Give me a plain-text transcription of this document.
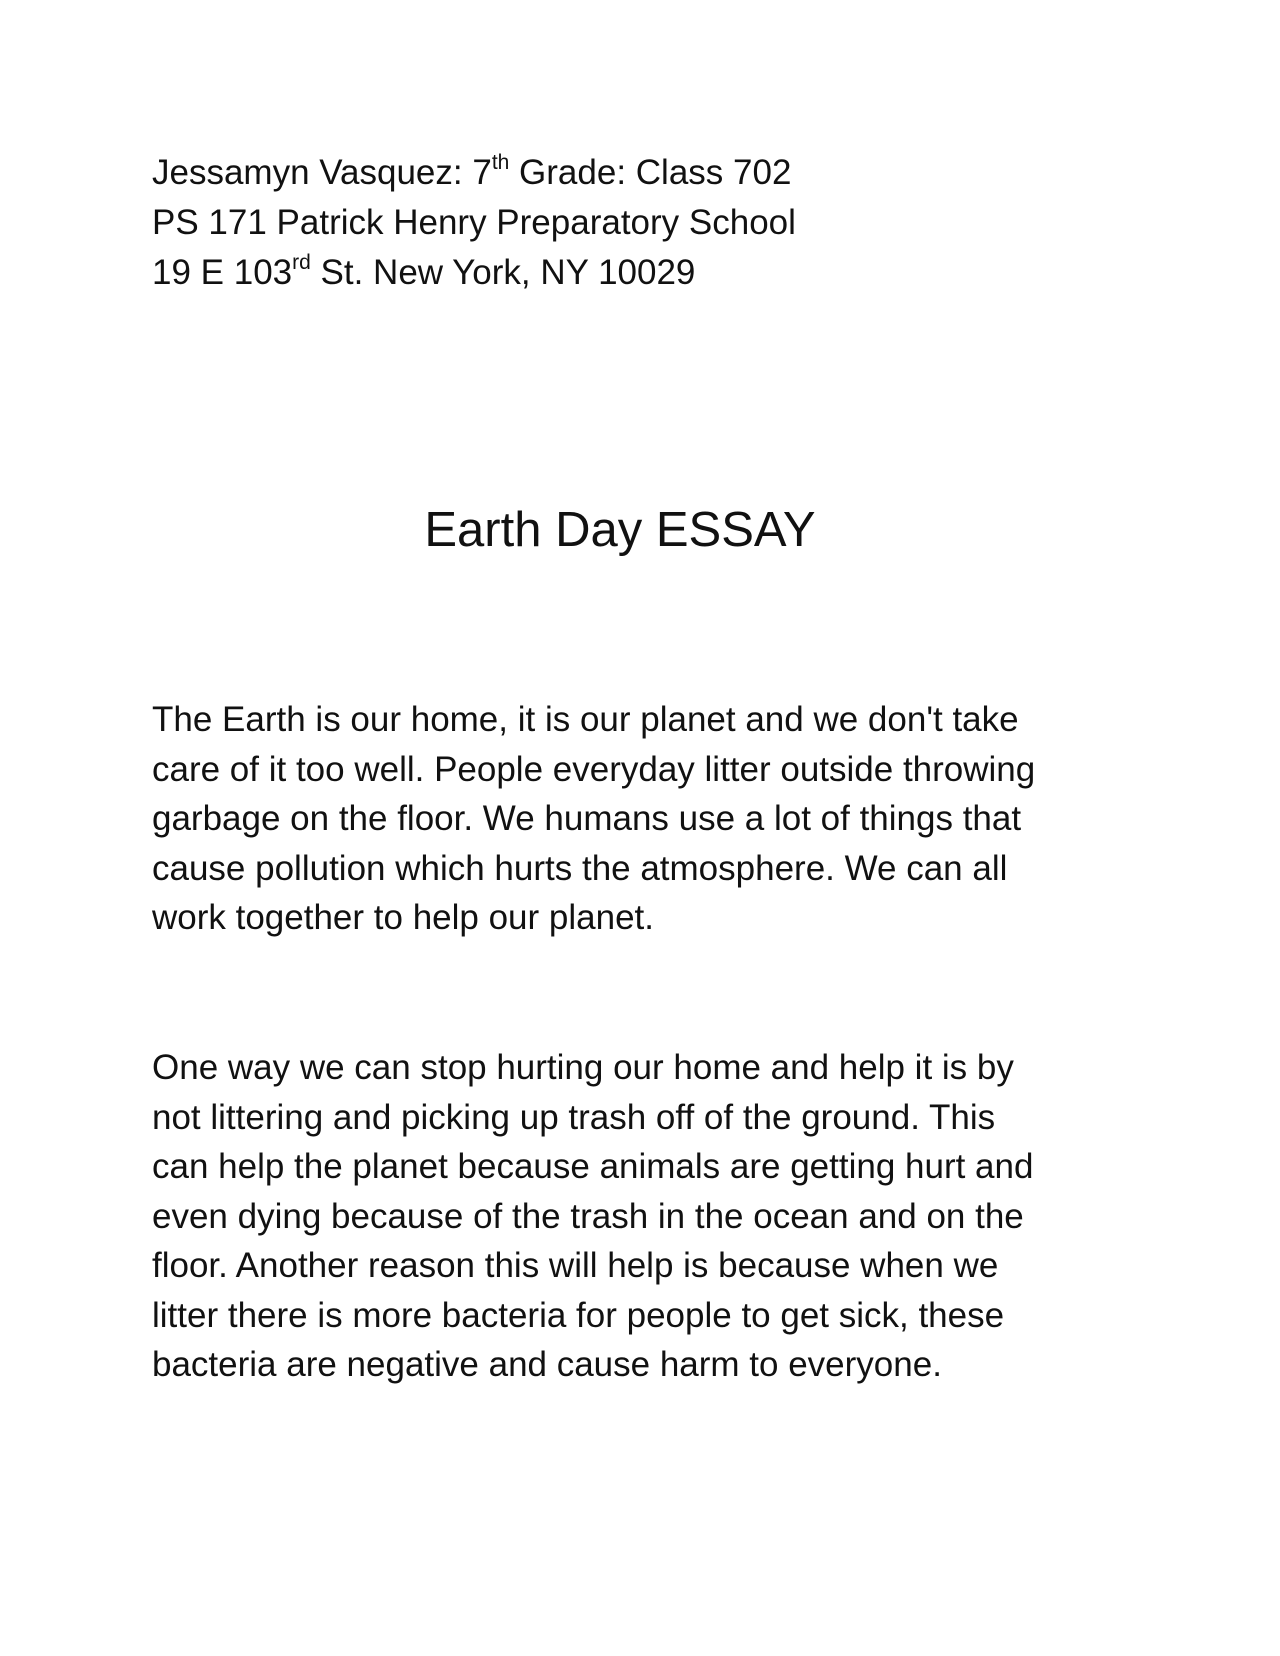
Jessamyn Vasquez: 7th Grade: Class 702
PS 171 Patrick Henry Preparatory School
19 E 103rd St. New York, NY 10029
Earth Day ESSAY

The Earth is our home, it is our planet and we don't take
care of it too well. People everyday litter outside throwing
garbage on the floor. We humans use a lot of things that
cause pollution which hurts the atmosphere. We can all
work together to help our planet.

One way we can stop hurting our home and help it is by
not littering and picking up trash off of the ground. This
can help the planet because animals are getting hurt and
even dying because of the trash in the ocean and on the
floor. Another reason this will help is because when we
litter there is more bacteria for people to get sick, these
bacteria are negative and cause harm to everyone.
